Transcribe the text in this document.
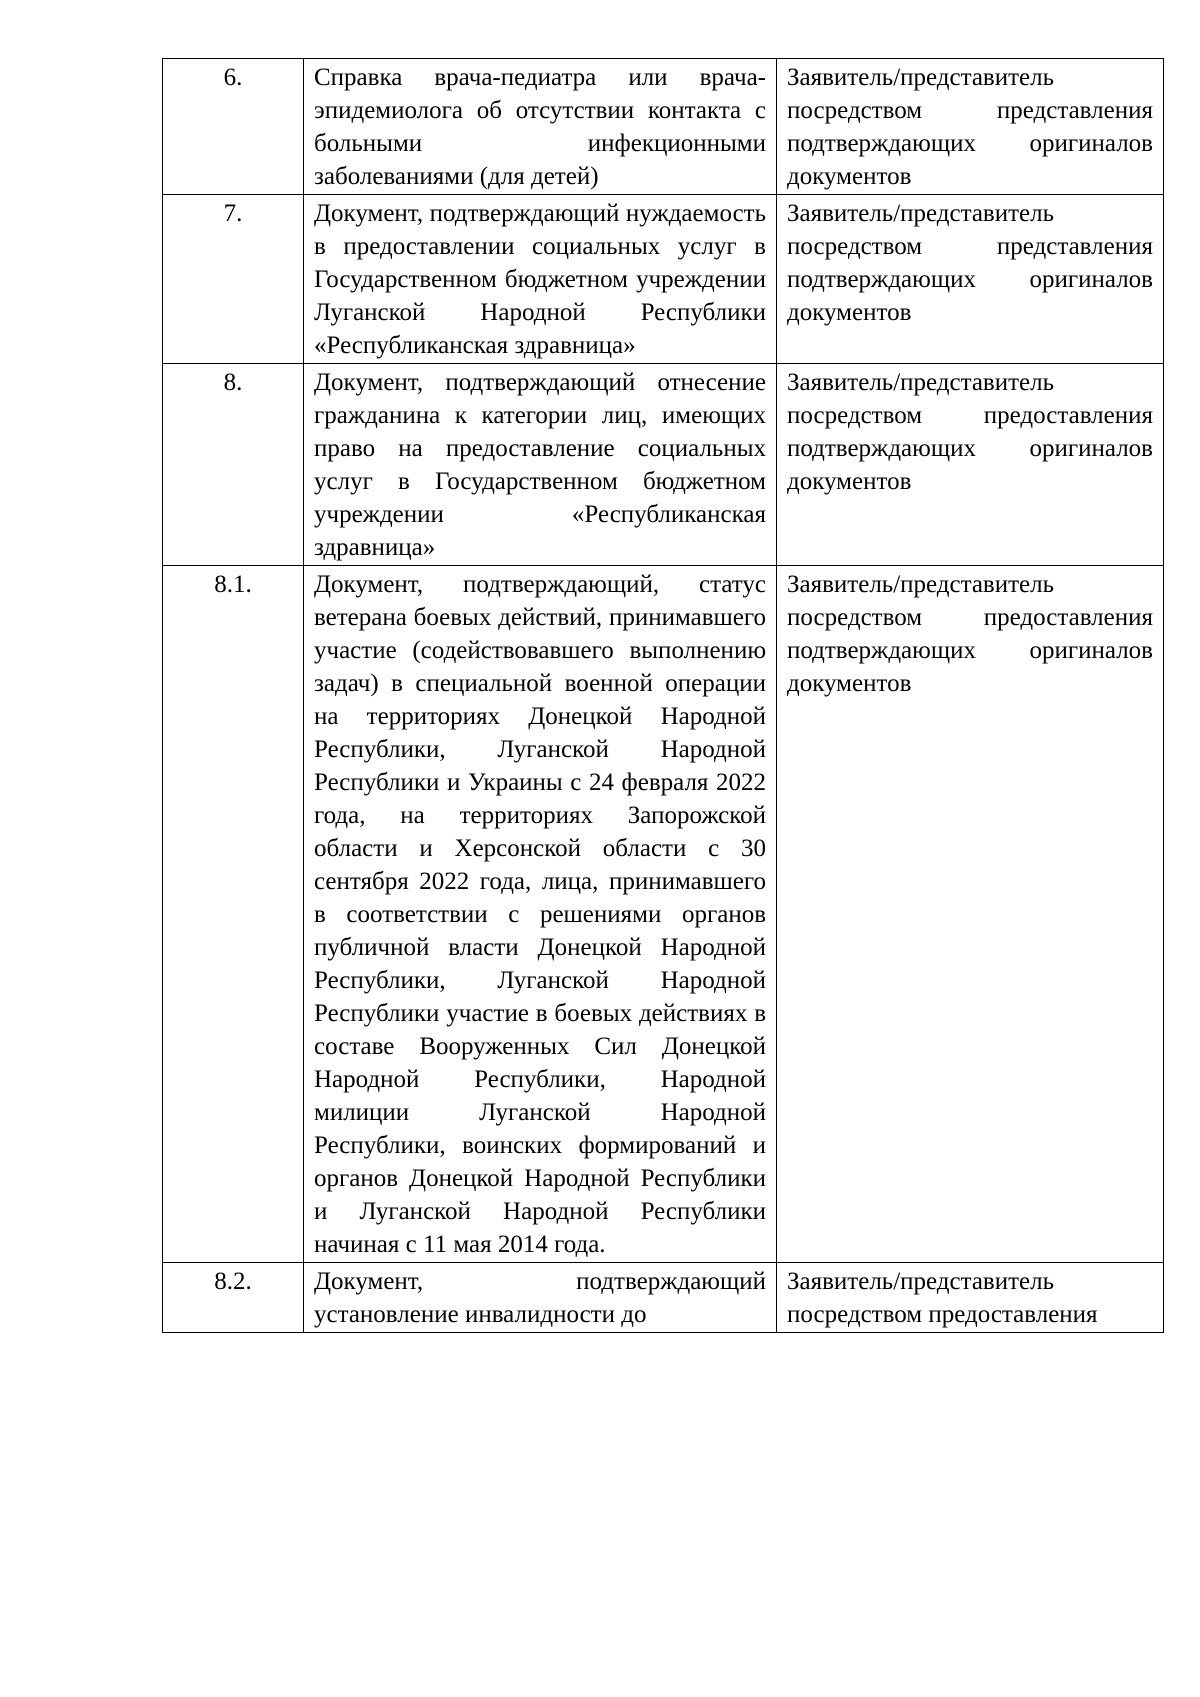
6.	Справка врача-педиатра или врача-эпидемиолога об отсутствии контакта с больными инфекционными заболеваниями (для детей)	Заявитель/представитель посредством представления подтверждающих оригиналов документов
7.	Документ, подтверждающий нуждаемость в предоставлении социальных услуг в Государственном бюджетном учреждении Луганской Народной Республики «Республиканская здравница»	Заявитель/представитель посредством представления подтверждающих оригиналов документов
8.	Документ, подтверждающий отнесение гражданина к категории лиц, имеющих право на предоставление социальных услуг в Государственном бюджетном учреждении «Республиканская здравница»	Заявитель/представитель посредством предоставления подтверждающих оригиналов документов
8.1.	Документ, подтверждающий, статус ветерана боевых действий, принимавшего участие (содействовавшего выполнению задач) в специальной военной операции на территориях Донецкой Народной Республики, Луганской Народной Республики и Украины с 24 февраля 2022 года, на территориях Запорожской области и Херсонской области с 30 сентября 2022 года, лица, принимавшего в соответствии с решениями органов публичной власти Донецкой Народной Республики, Луганской Народной Республики участие в боевых действиях в составе Вооруженных Сил Донецкой Народной Республики, Народной милиции Луганской Народной Республики, воинских формирований и органов Донецкой Народной Республики и Луганской Народной Республики начиная с 11 мая 2014 года.	Заявитель/представитель посредством предоставления подтверждающих оригиналов документов
8.2.	Документ, подтверждающий установление инвалидности до	Заявитель/представитель посредством предоставления
